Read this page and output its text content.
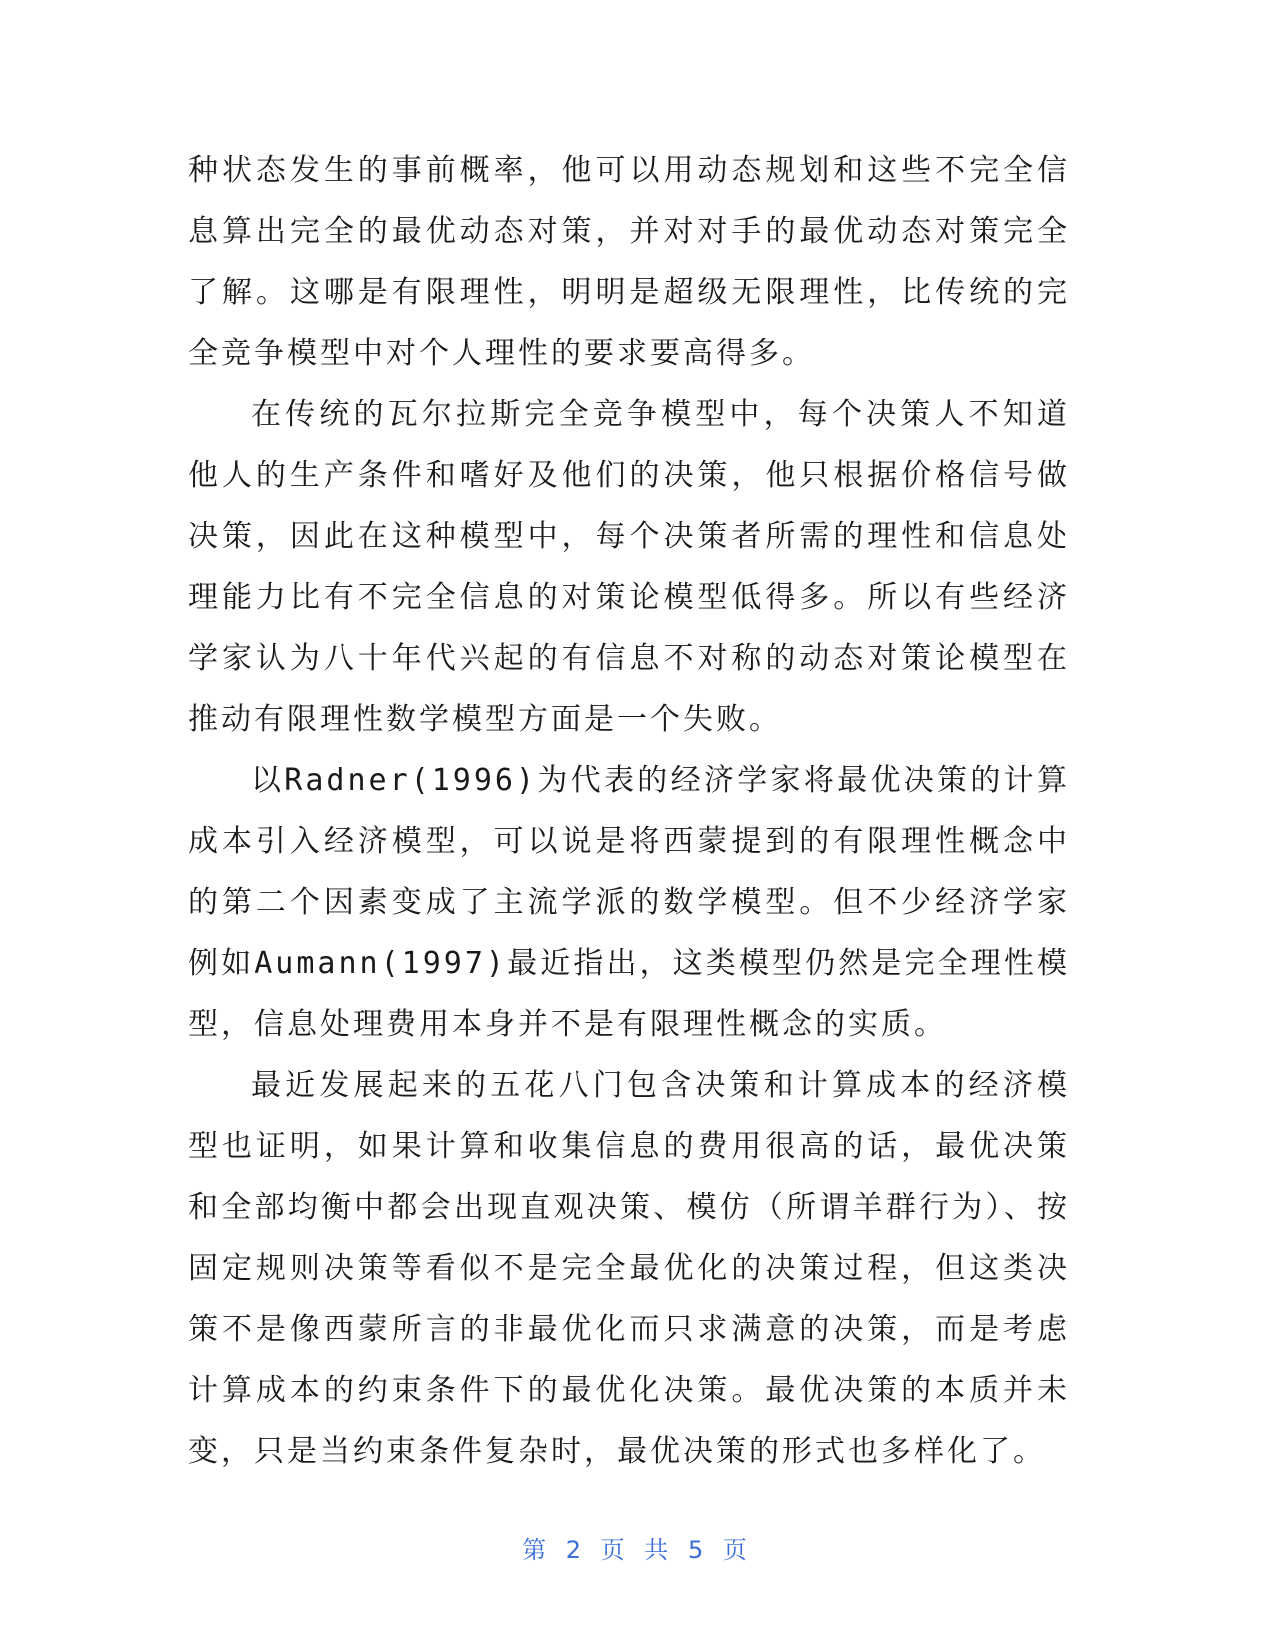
种状态发生的事前概率，他可以用动态规划和这些不完全信息算出完全的最优动态对策，并对对手的最优动态对策完全了解。这哪是有限理性，明明是超级无限理性，比传统的完全竞争模型中对个人理性的要求要高得多。

在传统的瓦尔拉斯完全竞争模型中，每个决策人不知道他人的生产条件和嗜好及他们的决策，他只根据价格信号做决策，因此在这种模型中，每个决策者所需的理性和信息处理能力比有不完全信息的对策论模型低得多。所以有些经济学家认为八十年代兴起的有信息不对称的动态对策论模型在推动有限理性数学模型方面是一个失败。

以Radner(1996)为代表的经济学家将最优决策的计算成本引入经济模型，可以说是将西蒙提到的有限理性概念中的第二个因素变成了主流学派的数学模型。但不少经济学家例如Aumann(1997)最近指出，这类模型仍然是完全理性模型，信息处理费用本身并不是有限理性概念的实质。

最近发展起来的五花八门包含决策和计算成本的经济模型也证明，如果计算和收集信息的费用很高的话，最优决策和全部均衡中都会出现直观决策、模仿（所谓羊群行为）、按固定规则决策等看似不是完全最优化的决策过程，但这类决策不是像西蒙所言的非最优化而只求满意的决策，而是考虑计算成本的约束条件下的最优化决策。最优决策的本质并未变，只是当约束条件复杂时，最优决策的形式也多样化了。

第 2 页 共 5 页
